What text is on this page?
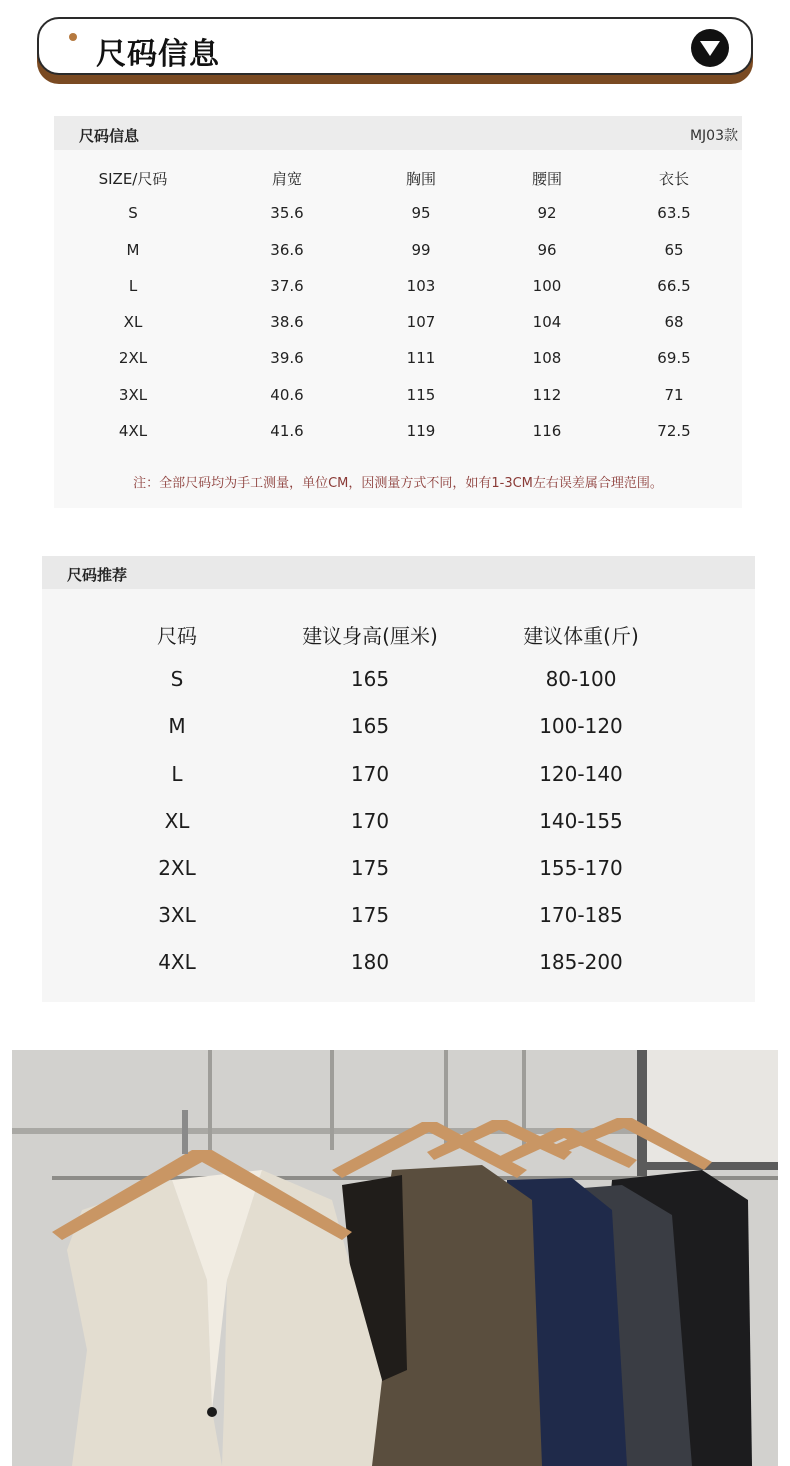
尺码信息
尺码信息	MJ03款
SIZE/尺码	肩宽	胸围	腰围	衣长
S	35.6	95	92	63.5
M	36.6	99	96	65
L	37.6	103	100	66.5
XL	38.6	107	104	68
2XL	39.6	111	108	69.5
3XL	40.6	115	112	71
4XL	41.6	119	116	72.5
注：全部尺码均为手工测量，单位CM，因测量方式不同，如有1-3CM左右误差属合理范围。
尺码推荐
尺码	建议身高(厘米)	建议体重(斤)
S	165	80-100
M	165	100-120
L	170	120-140
XL	170	140-155
2XL	175	155-170
3XL	175	170-185
4XL	180	185-200
